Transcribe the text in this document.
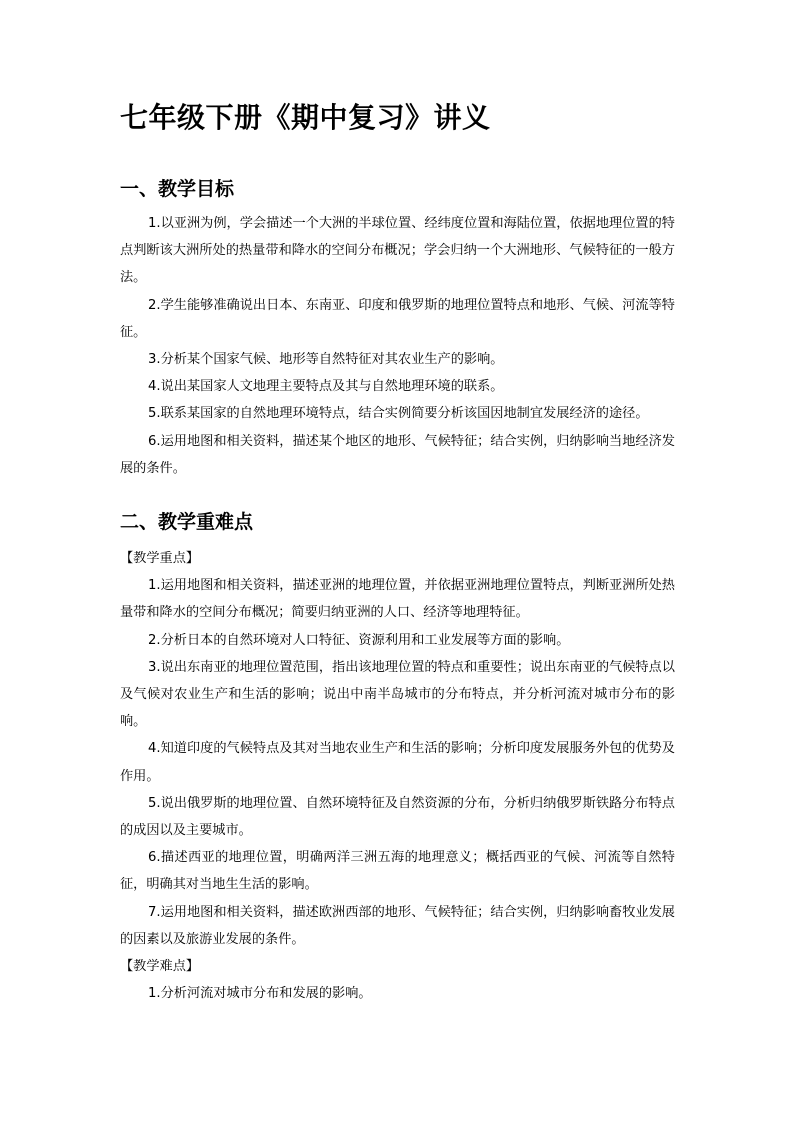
七年级下册《期中复习》讲义
一、教学目标

1.以亚洲为例，学会描述一个大洲的半球位置、经纬度位置和海陆位置，依据地理位置的特点判断该大洲所处的热量带和降水的空间分布概况；学会归纳一个大洲地形、气候特征的一般方法。

2.学生能够准确说出日本、东南亚、印度和俄罗斯的地理位置特点和地形、气候、河流等特征。

3.分析某个国家气候、地形等自然特征对其农业生产的影响。

4.说出某国家人文地理主要特点及其与自然地理环境的联系。

5.联系某国家的自然地理环境特点，结合实例简要分析该国因地制宜发展经济的途径。

6.运用地图和相关资料，描述某个地区的地形、气候特征；结合实例，归纳影响当地经济发展的条件。

二、教学重难点

【教学重点】

1.运用地图和相关资料，描述亚洲的地理位置，并依据亚洲地理位置特点，判断亚洲所处热量带和降水的空间分布概况；简要归纳亚洲的人口、经济等地理特征。

2.分析日本的自然环境对人口特征、资源利用和工业发展等方面的影响。

3.说出东南亚的地理位置范围，指出该地理位置的特点和重要性；说出东南亚的气候特点以及气候对农业生产和生活的影响；说出中南半岛城市的分布特点，并分析河流对城市分布的影响。

4.知道印度的气候特点及其对当地农业生产和生活的影响；分析印度发展服务外包的优势及作用。

5.说出俄罗斯的地理位置、自然环境特征及自然资源的分布，分析归纳俄罗斯铁路分布特点的成因以及主要城市。

6.描述西亚的地理位置，明确两洋三洲五海的地理意义；概括西亚的气候、河流等自然特征，明确其对当地生生活的影响。

7.运用地图和相关资料，描述欧洲西部的地形、气候特征；结合实例，归纳影响畜牧业发展的因素以及旅游业发展的条件。

【教学难点】

1.分析河流对城市分布和发展的影响。
